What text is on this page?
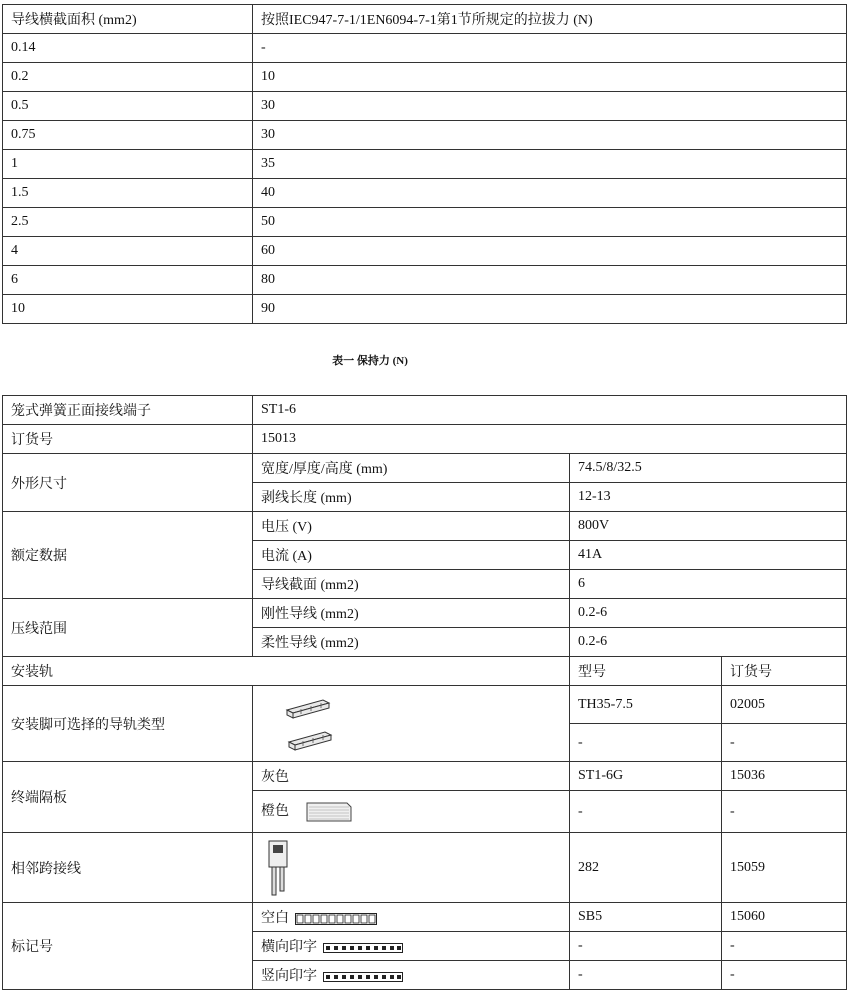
导线横截面积 (mm2)	按照IEC947-7-1/1EN6094-7-1第1节所规定的拉拔力 (N)
0.14	-
0.2	10
0.5	30
0.75	30
1	35
1.5	40
2.5	50
4	60
6	80
10	90
表一 保持力 (N)
笼式弹簧正面接线端子	ST1-6		
订货号	15013		
外形尺寸	宽度/厚度/高度 (mm)	74.5/8/32.5	
	剥线长度 (mm)	12-13	
额定数据	电压 (V)	800V	
	电流 (A)	41A	
	导线截面 (mm2)	6	
压线范围	刚性导线 (mm2)	0.2-6	
	柔性导线 (mm2)	0.2-6	
安装轨		型号	订货号
安装脚可选择的导轨类型		TH35-7.5	02005
		-	-
终端隔板	灰色	ST1-6G	15036
	橙色	-	-
相邻跨接线		282	15059
标记号	空白	SB5	15060
	横向印字	-	-
	竖向印字	-	-
